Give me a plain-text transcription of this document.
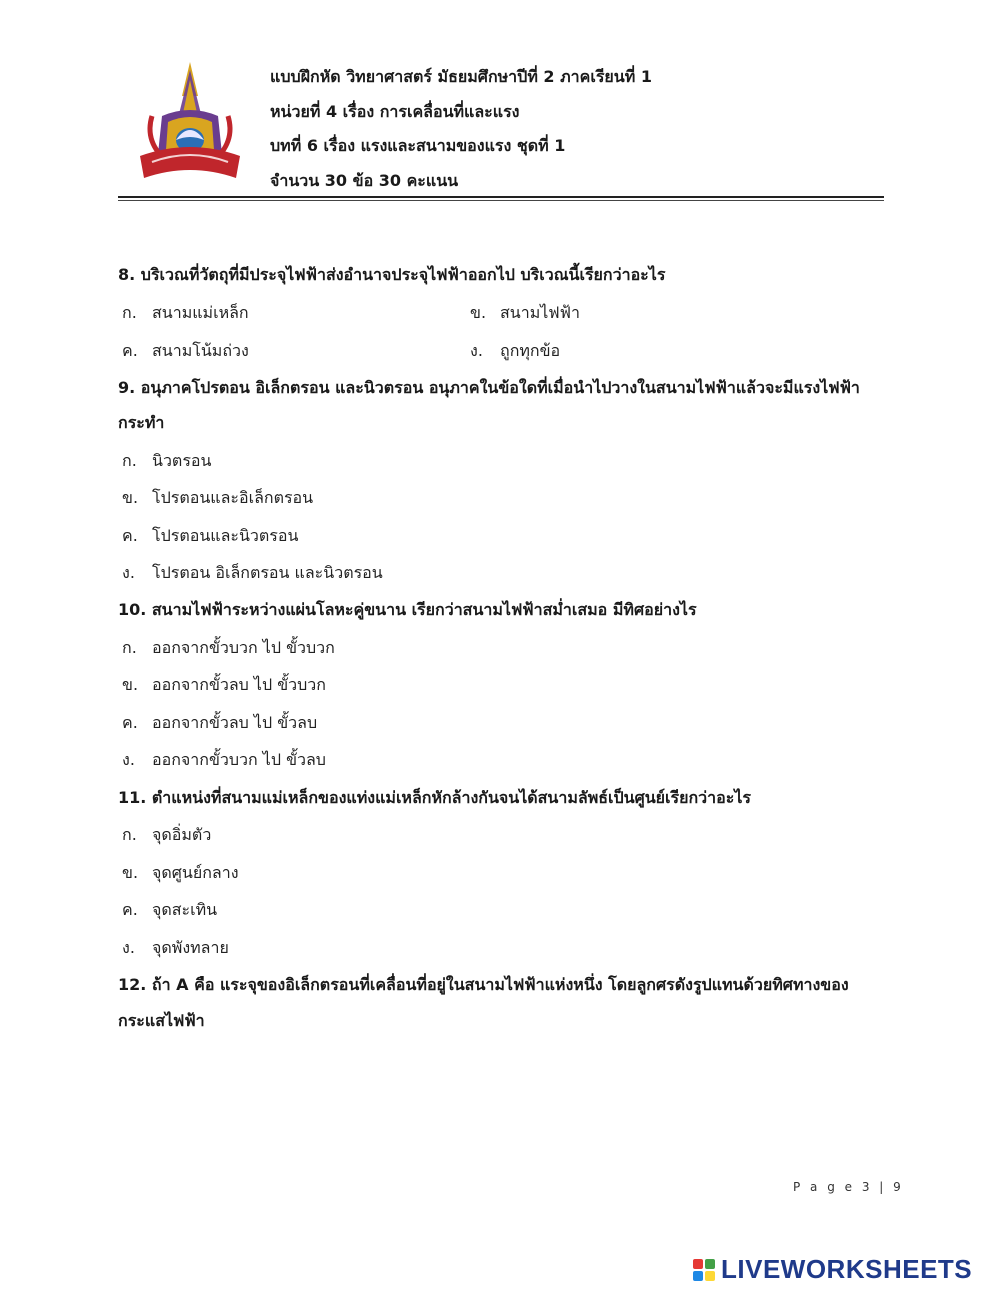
แบบฝึกหัด วิทยาศาสตร์ มัธยมศึกษาปีที่ 2 ภาคเรียนที่ 1
หน่วยที่ 4 เรื่อง การเคลื่อนที่และแรง
บทที่ 6 เรื่อง แรงและสนามของแรง ชุดที่ 1
จำนวน 30 ข้อ 30 คะแนน
8. บริเวณที่วัตถุที่มีประจุไฟฟ้าส่งอำนาจประจุไฟฟ้าออกไป บริเวณนี้เรียกว่าอะไร
ก. สนามแม่เหล็ก	ข. สนามไฟฟ้า
ค. สนามโน้มถ่วง	ง. ถูกทุกข้อ
9. อนุภาคโปรตอน อิเล็กตรอน และนิวตรอน อนุภาคในข้อใดที่เมื่อนำไปวางในสนามไฟฟ้าแล้วจะมีแรงไฟฟ้า
กระทำ
ก. นิวตรอน
ข. โปรตอนและอิเล็กตรอน
ค. โปรตอนและนิวตรอน
ง. โปรตอน อิเล็กตรอน และนิวตรอน
10. สนามไฟฟ้าระหว่างแผ่นโลหะคู่ขนาน เรียกว่าสนามไฟฟ้าสม่ำเสมอ มีทิศอย่างไร
ก. ออกจากขั้วบวก ไป ขั้วบวก
ข. ออกจากขั้วลบ ไป ขั้วบวก
ค. ออกจากขั้วลบ ไป ขั้วลบ
ง. ออกจากขั้วบวก ไป ขั้วลบ
11. ตำแหน่งที่สนามแม่เหล็กของแท่งแม่เหล็กหักล้างกันจนได้สนามลัพธ์เป็นศูนย์เรียกว่าอะไร
ก. จุดอิ่มตัว
ข. จุดศูนย์กลาง
ค. จุดสะเทิน
ง. จุดพังทลาย
12. ถ้า A คือ แระจุของอิเล็กตรอนที่เคลื่อนที่อยู่ในสนามไฟฟ้าแห่งหนึ่ง โดยลูกศรดังรูปแทนด้วยทิศทางของ
กระแสไฟฟ้า
P a g e 3 | 9
LIVEWORKSHEETS
